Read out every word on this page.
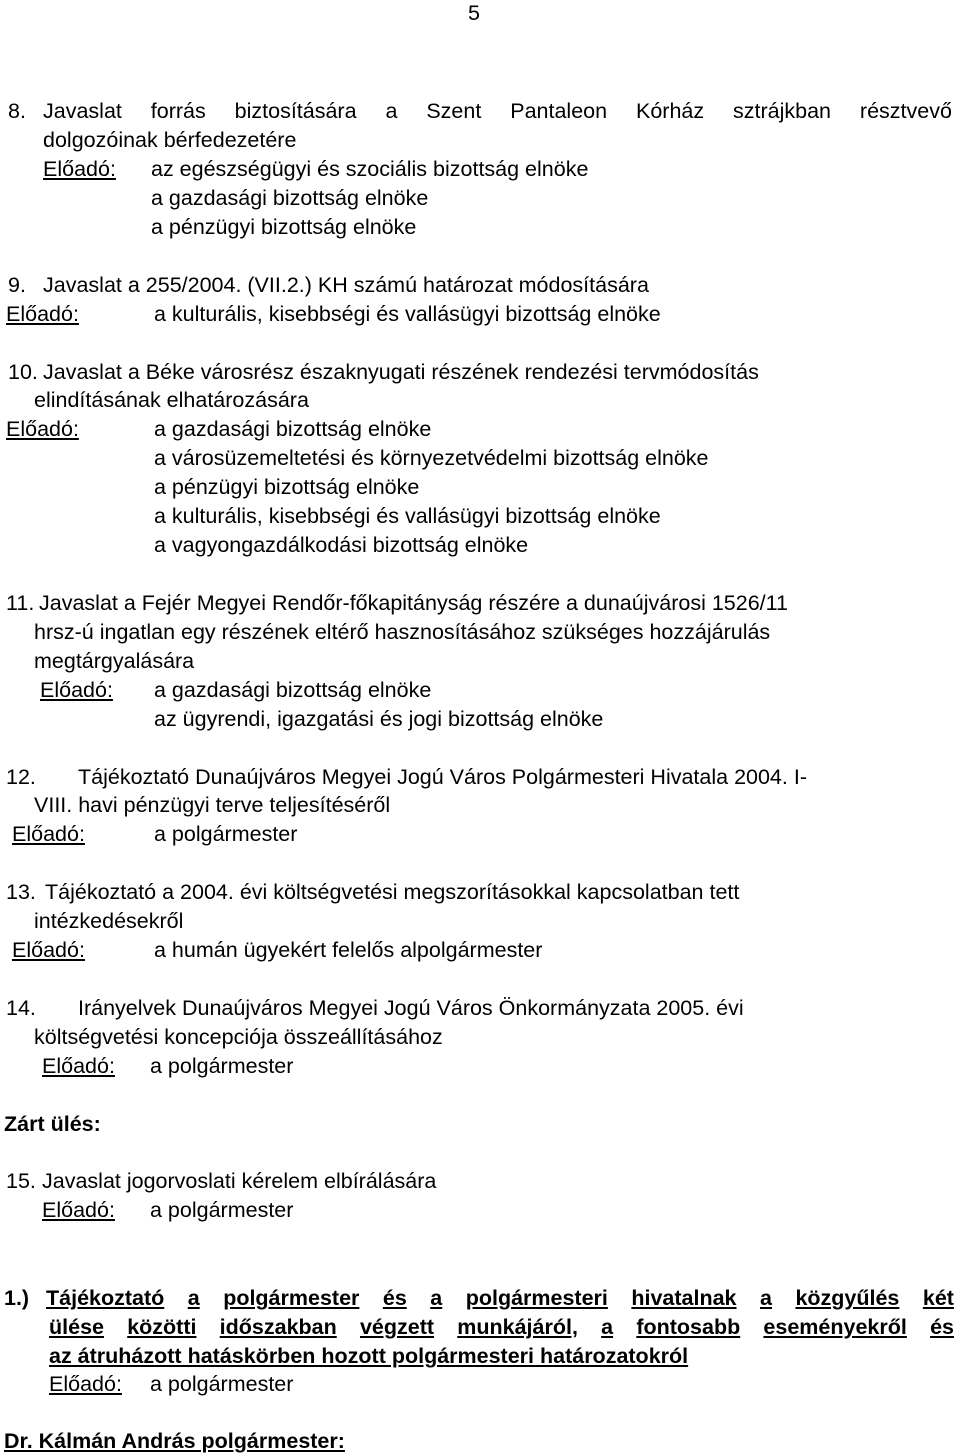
5
8. Javaslat forrás biztosítására a Szent Pantaleon Kórház sztrájkban résztvevő
dolgozóinak bérfedezetére
Előadó: az egészségügyi és szociális bizottság elnöke
a gazdasági bizottság elnöke
a pénzügyi bizottság elnöke
9. Javaslat a 255/2004. (VII.2.) KH számú határozat módosítására
Előadó:	a kulturális, kisebbségi és vallásügyi bizottság elnöke
10. Javaslat a Béke városrész északnyugati részének rendezési tervmódosítás
elindításának elhatározására
Előadó:	a gazdasági bizottság elnöke
a városüzemeltetési és környezetvédelmi bizottság elnöke
a pénzügyi bizottság elnöke
a kulturális, kisebbségi és vallásügyi bizottság elnöke
a vagyongazdálkodási bizottság elnöke
11. Javaslat a Fejér Megyei Rendőr-főkapitányság részére a dunaújvárosi 1526/11
hrsz-ú ingatlan egy részének eltérő hasznosításához szükséges hozzájárulás
megtárgyalására
Előadó: a gazdasági bizottság elnöke
az ügyrendi, igazgatási és jogi bizottság elnöke
12. Tájékoztató Dunaújváros Megyei Jogú Város Polgármesteri Hivatala 2004. I-
VIII. havi pénzügyi terve teljesítéséről
Előadó:	a polgármester
13. Tájékoztató a 2004. évi költségvetési megszorításokkal kapcsolatban tett
intézkedésekről
Előadó:	a humán ügyekért felelős alpolgármester
14. Irányelvek Dunaújváros Megyei Jogú Város Önkormányzata 2005. évi
költségvetési koncepciója összeállításához
Előadó: a polgármester
Zárt ülés:
15. Javaslat jogorvoslati kérelem elbírálására
Előadó: a polgármester
1.) Tájékoztató a polgármester és a polgármesteri hivatalnak a közgyűlés két
ülése közötti időszakban végzett munkájáról, a fontosabb eseményekről és
az átruházott hatáskörben hozott polgármesteri határozatokról
Előadó: a polgármester
Dr. Kálmán András polgármester:
